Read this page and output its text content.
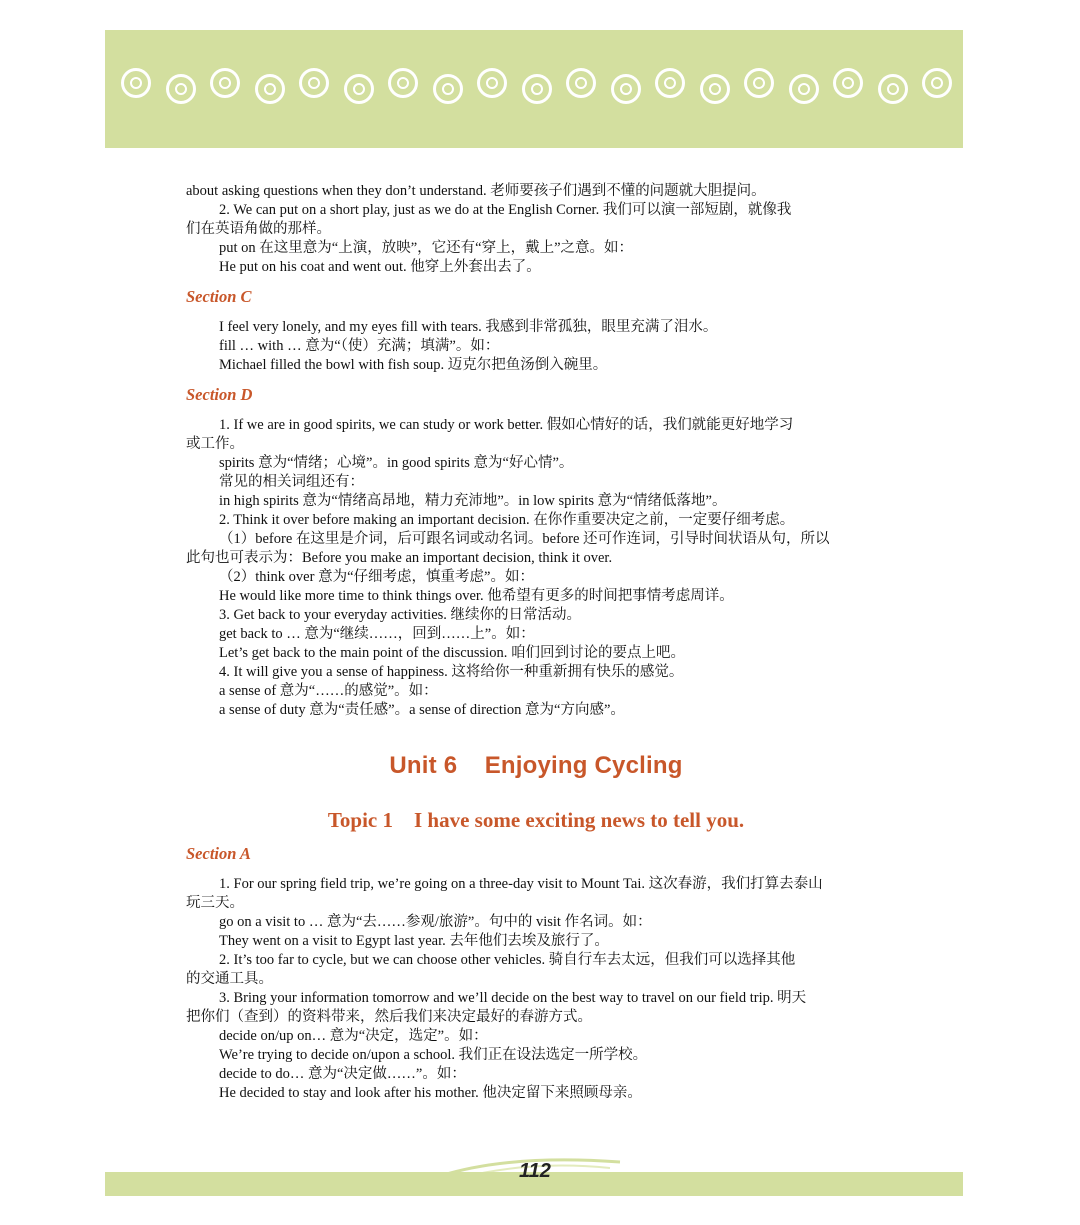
about asking questions when they don’t understand. 老师要孩子们遇到不懂的问题就大胆提问。

2. We can put on a short play, just as we do at the English Corner. 我们可以演一部短剧，就像我

们在英语角做的那样。

put on 在这里意为“上演，放映”，它还有“穿上，戴上”之意。如：

He put on his coat and went out. 他穿上外套出去了。

Section C

I feel very lonely, and my eyes fill with tears. 我感到非常孤独，眼里充满了泪水。

fill … with … 意为“（使）充满；填满”。如：

Michael filled the bowl with fish soup. 迈克尔把鱼汤倒入碗里。

Section D

1. If we are in good spirits, we can study or work better. 假如心情好的话，我们就能更好地学习

或工作。

spirits 意为“情绪；心境”。in good spirits 意为“好心情”。

常见的相关词组还有：

in high spirits 意为“情绪高昂地，精力充沛地”。in low spirits 意为“情绪低落地”。

2. Think it over before making an important decision. 在你作重要决定之前，一定要仔细考虑。

（1）before 在这里是介词，后可跟名词或动名词。before 还可作连词，引导时间状语从句，所以

此句也可表示为：Before you make an important decision, think it over.

（2）think over 意为“仔细考虑，慎重考虑”。如：

He would like more time to think things over. 他希望有更多的时间把事情考虑周详。

3. Get back to your everyday activities. 继续你的日常活动。

get back to … 意为“继续……，回到……上”。如：

Let’s get back to the main point of the discussion. 咱们回到讨论的要点上吧。

4. It will give you a sense of happiness. 这将给你一种重新拥有快乐的感觉。

a sense of 意为“……的感觉”。如：

a sense of duty 意为“责任感”。a sense of direction 意为“方向感”。

Unit 6    Enjoying Cycling
Topic 1    I have some exciting news to tell you.
Section A

1. For our spring field trip, we’re going on a three-day visit to Mount Tai. 这次春游，我们打算去泰山

玩三天。

go on a visit to … 意为“去……参观/旅游”。句中的 visit 作名词。如：

They went on a visit to Egypt last year. 去年他们去埃及旅行了。

2. It’s too far to cycle, but we can choose other vehicles. 骑自行车去太远，但我们可以选择其他

的交通工具。

3. Bring your information tomorrow and we’ll decide on the best way to travel on our field trip. 明天

把你们（查到）的资料带来，然后我们来决定最好的春游方式。

decide on/up on… 意为“决定，选定”。如：

We’re trying to decide on/upon a school. 我们正在设法选定一所学校。

decide to do… 意为“决定做……”。如：

He decided to stay and look after his mother. 他决定留下来照顾母亲。

112
